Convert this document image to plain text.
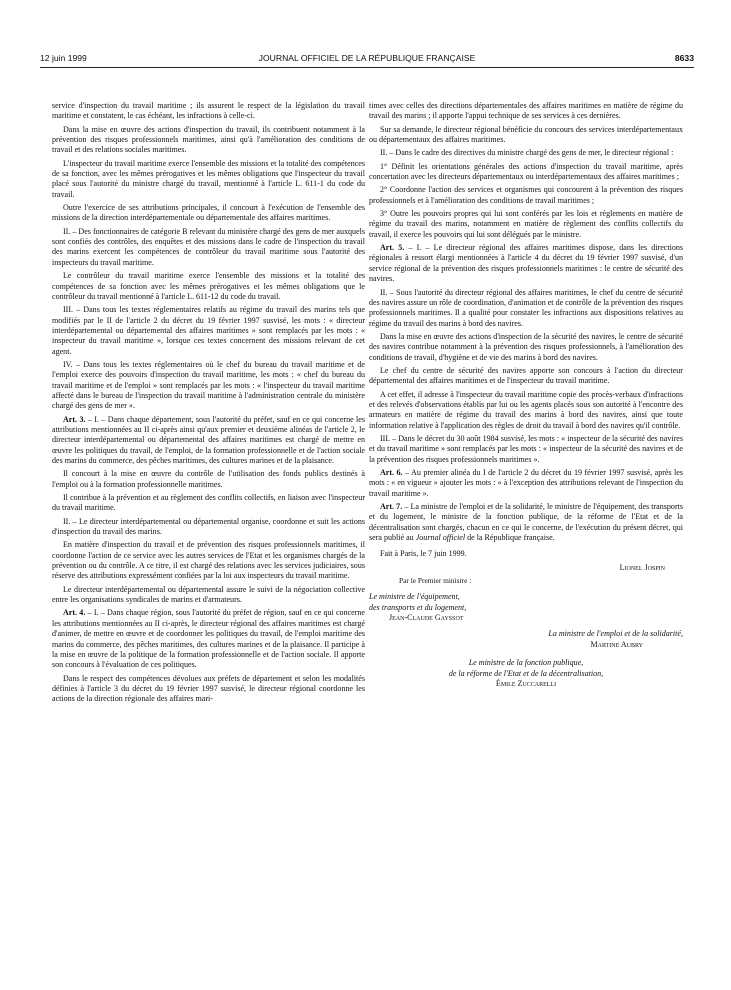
12 juin 1999	JOURNAL OFFICIEL DE LA RÉPUBLIQUE FRANÇAISE	8633

service d'inspection du travail maritime ; ils assurent le respect de la législation du travail maritime et constatent, le cas échéant, les infractions à celle-ci.

Dans la mise en œuvre des actions d'inspection du travail, ils contribuent notamment à la prévention des risques professionnels maritimes, ainsi qu'à l'amélioration des conditions de travail et des relations sociales maritimes.

L'inspecteur du travail maritime exerce l'ensemble des missions et la totalité des compétences de sa fonction, avec les mêmes prérogatives et les mêmes obligations que l'inspecteur du travail placé sous l'autorité du ministre chargé du travail, mentionné à l'article L. 611-1 du code du travail.

Outre l'exercice de ses attributions principales, il concourt à l'exécution de l'ensemble des missions de la direction interdépartementale ou départementale des affaires maritimes.

II. – Des fonctionnaires de catégorie B relevant du ministère chargé des gens de mer auxquels sont confiés des contrôles, des enquêtes et des missions dans le cadre de l'inspection du travail des marins exercent les compétences de contrôleur du travail maritime sous l'autorité des inspecteurs du travail maritime.

Le contrôleur du travail maritime exerce l'ensemble des missions et la totalité des compétences de sa fonction avec les mêmes prérogatives et les mêmes obligations que le contrôleur du travail mentionné à l'article L. 611-12 du code du travail.

III. – Dans tous les textes réglementaires relatifs au régime du travail des marins tels que modifiés par le II de l'article 2 du décret du 19 février 1997 susvisé, les mots : « directeur interdépartemental ou départemental des affaires maritimes » sont remplacés par les mots : « inspecteur du travail maritime », lorsque ces textes concernent des missions relevant de cet agent.

IV. – Dans tous les textes réglementaires où le chef du bureau du travail maritime et de l'emploi exerce des pouvoirs d'inspection du travail maritime, les mots : « chef du bureau du travail maritime et de l'emploi » sont remplacés par les mots : « l'inspecteur du travail maritime affecté dans le bureau de l'inspection du travail maritime à l'administration centrale du ministère chargé des gens de mer ».

Art. 3. – I. – Dans chaque département, sous l'autorité du préfet, sauf en ce qui concerne les attributions mentionnées au II ci-après ainsi qu'aux premier et deuxième alinéas de l'article 2, le directeur interdépartemental ou départemental des affaires maritimes est chargé de mettre en œuvre les politiques du travail, de l'emploi, de la formation professionnelle et de l'action sociale des marins du commerce, des pêches maritimes, des cultures marines et de la plaisance.

Il concourt à la mise en œuvre du contrôle de l'utilisation des fonds publics destinés à l'emploi ou à la formation professionnelle maritimes.

Il contribue à la prévention et au règlement des conflits collectifs, en liaison avec l'inspecteur du travail maritime.

II. – Le directeur interdépartemental ou départemental organise, coordonne et suit les actions d'inspection du travail des marins.

En matière d'inspection du travail et de prévention des risques professionnels maritimes, il coordonne l'action de ce service avec les autres services de l'Etat et les organismes chargés de la prévention ou du contrôle. A ce titre, il est chargé des relations avec les services judiciaires, sous réserve des attributions expressément confiées par la loi aux inspecteurs du travail maritime.

Le directeur interdépartemental ou départemental assure le suivi de la négociation collective entre les organisations syndicales de marins et d'armateurs.

Art. 4. – I. – Dans chaque région, sous l'autorité du préfet de région, sauf en ce qui concerne les attributions mentionnées au II ci-après, le directeur régional des affaires maritimes est chargé d'animer, de mettre en œuvre et de coordonner les politiques du travail, de l'emploi maritime des marins du commerce, des pêches maritimes, des cultures marines et de la plaisance. Il participe à la mise en œuvre de la politique de la formation professionnelle et de l'action sociale. Il apporte son concours à l'évaluation de ces politiques.

Dans le respect des compétences dévolues aux préfets de département et selon les modalités définies à l'article 3 du décret du 19 février 1997 susvisé, le directeur régional coordonne les actions de la direction régionale des affaires mari-

times avec celles des directions départementales des affaires maritimes en matière de régime du travail des marins ; il apporte l'appui technique de ses services à ces dernières.

Sur sa demande, le directeur régional bénéficie du concours des services interdépartementaux ou départementaux des affaires maritimes.

II. – Dans le cadre des directives du ministre chargé des gens de mer, le directeur régional :

1° Définit les orientations générales des actions d'inspection du travail maritime, après concertation avec les directeurs départementaux ou interdépartementaux des affaires maritimes ;

2° Coordonne l'action des services et organismes qui concourent à la prévention des risques professionnels et à l'amélioration des conditions de travail maritimes ;

3° Outre les pouvoirs propres qui lui sont conférés par les lois et règlements en matière de régime du travail des marins, notamment en matière de règlement des conflits collectifs du travail, il exerce les pouvoirs qui lui sont délégués par le ministre.

Art. 5. – I. – Le directeur régional des affaires maritimes dispose, dans les directions régionales à ressort élargi mentionnées à l'article 4 du décret du 19 février 1997 susvisé, d'un service régional de la prévention des risques professionnels maritimes : le centre de sécurité des navires.

II. – Sous l'autorité du directeur régional des affaires maritimes, le chef du centre de sécurité des navires assure un rôle de coordination, d'animation et de contrôle de la prévention des risques professionnels maritimes. Il a qualité pour constater les infractions aux dispositions relatives au régime du travail des marins à bord des navires.

Dans la mise en œuvre des actions d'inspection de la sécurité des navires, le centre de sécurité des navires contribue notamment à la prévention des risques professionnels, à l'amélioration des conditions de travail, d'hygiène et de vie des marins à bord des navires.

Le chef du centre de sécurité des navires apporte son concours à l'action du directeur départemental des affaires maritimes et de l'inspecteur du travail maritime.

A cet effet, il adresse à l'inspecteur du travail maritime copie des procès-verbaux d'infractions et des relevés d'observations établis par lui ou les agents placés sous son autorité à l'encontre des armateurs en matière de régime du travail des marins à bord des navires, ainsi que toute information relative à l'application des règles de droit du travail à bord des navires qu'il contrôle.

III. – Dans le décret du 30 août 1984 susvisé, les mots : « inspecteur de la sécurité des navires et du travail maritime » sont remplacés par les mots : « inspecteur de la sécurité des navires et de la prévention des risques professionnels maritimes ».

Art. 6. – Au premier alinéa du I de l'article 2 du décret du 19 février 1997 susvisé, après les mots : « en vigueur » ajouter les mots : « à l'exception des attributions relevant de l'inspection du travail maritime ».

Art. 7. – La ministre de l'emploi et de la solidarité, le ministre de l'équipement, des transports et du logement, le ministre de la fonction publique, de la réforme de l'Etat et de la décentralisation sont chargés, chacun en ce qui le concerne, de l'exécution du présent décret, qui sera publié au Journal officiel de la République française.

Fait à Paris, le 7 juin 1999.

Lionel Jospin

Par le Premier ministre :

Le ministre de l'équipement,

des transports et du logement,

Jean-Claude Gayssot

La ministre de l'emploi et de la solidarité,

Martine Aubry

Le ministre de la fonction publique,

de la réforme de l'Etat et de la décentralisation,

Émile Zuccarelli
